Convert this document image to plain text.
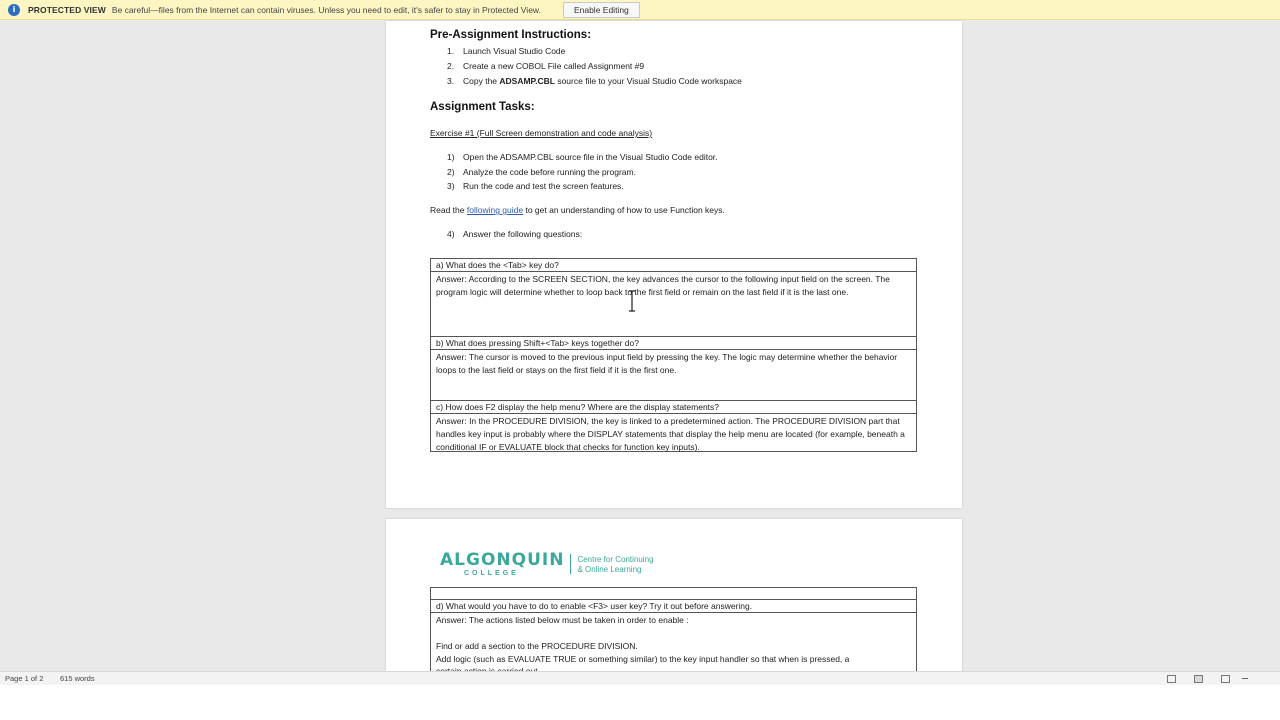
i	PROTECTED VIEW Be careful—files from the Internet can contain viruses. Unless you need to edit, it's safer to stay in Protected View.	Enable Editing
Pre-Assignment Instructions:
1. Launch Visual Studio Code
2. Create a new COBOL File called Assignment #9
3. Copy the ADSAMP.CBL source file to your Visual Studio Code workspace
Assignment Tasks:
Exercise #1 (Full Screen demonstration and code analysis)
1) Open the ADSAMP.CBL source file in the Visual Studio Code editor.
2) Analyze the code before running the program.
3) Run the code and test the screen features.
Read the following guide to get an understanding of how to use Function keys.
4) Answer the following questions:
a) What does the <Tab> key do?
Answer: According to the SCREEN SECTION, the key advances the cursor to the following input field on the screen. The program logic will determine whether to loop back to the first field or remain on the last field if it is the last one.
b) What does pressing Shift+<Tab> keys together do?
Answer: The cursor is moved to the previous input field by pressing the key. The logic may determine whether the behavior loops to the last field or stays on the first field if it is the first one.
c) How does F2 display the help menu? Where are the display statements?
Answer: In the PROCEDURE DIVISION, the key is linked to a predetermined action. The PROCEDURE DIVISION part that handles key input is probably where the DISPLAY statements that display the help menu are located (for example, beneath a conditional IF or EVALUATE block that checks for function key inputs).
ALGONQUIN
COLLEGE
Centre for Continuing
& Online Learning
d) What would you have to do to enable <F3> user key? Try it out before answering.
Answer: The actions listed below must be taken in order to enable :
Find or add a section to the PROCEDURE DIVISION.
Add logic (such as EVALUATE TRUE or something similar) to the key input handler so that when is pressed, a
Page 1 of 2 615 words
